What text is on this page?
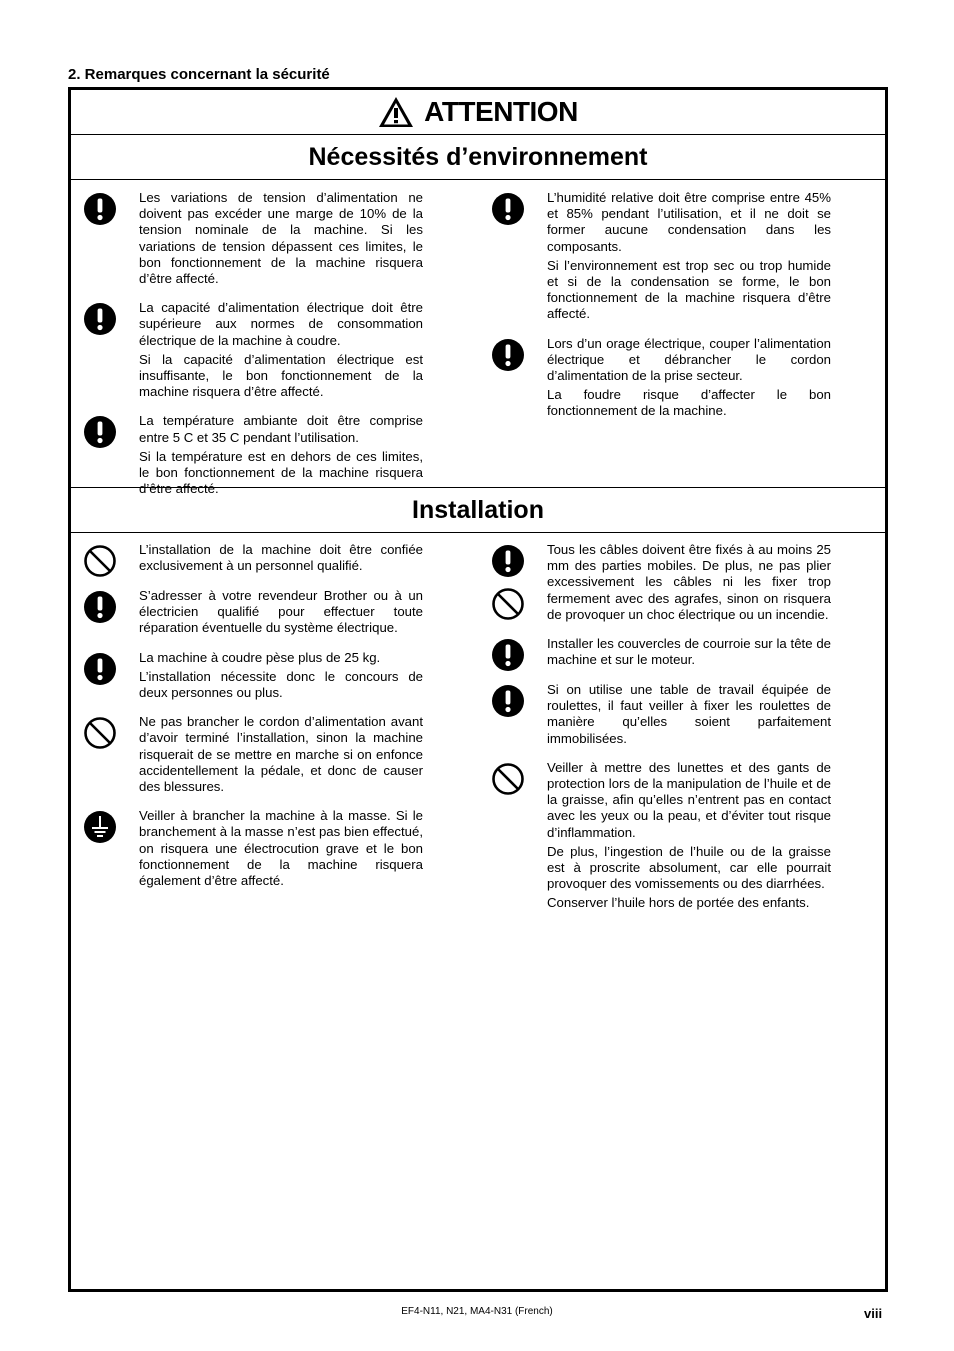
2. Remarques concernant la sécurité
ATTENTION
Nécessités d’environnement

Les variations de tension d’alimentation ne doivent pas excéder une marge de 10% de la tension nominale de la machine. Si les variations de tension dépassent ces limites, le bon fonctionnement de la machine risquera d’être affecté.

La capacité d’alimentation électrique doit être supérieure aux normes de consommation électrique de la machine à coudre.

Si la capacité d’alimentation électrique est insuffisante, le bon fonctionnement de la machine risquera d’être affecté.

La température ambiante doit être comprise entre 5 C et 35 C pendant l’utilisation.

Si la température est en dehors de ces limites, le bon fonctionnement de la machine risquera d’être affecté.

L’humidité relative doit être comprise entre 45% et 85% pendant l’utilisation, et il ne doit se former aucune condensation dans les composants.

Si l’environnement est trop sec ou trop humide et si de la condensation se forme, le bon fonctionnement de la machine risquera d’être affecté.

Lors d’un orage électrique, couper l’alimentation électrique et débrancher le cordon d’alimentation de la prise secteur.

La foudre risque d’affecter le bon fonctionnement de la machine.

Installation

L’installation de la machine doit être confiée exclusivement à un personnel qualifié.

S’adresser à votre revendeur Brother ou à un électricien qualifié pour effectuer toute réparation éventuelle du système électrique.

La machine à coudre pèse plus de 25 kg.

L’installation nécessite donc le concours de deux personnes ou plus.

Ne pas brancher le cordon d’alimentation avant d’avoir terminé l’installation, sinon la machine risquerait de se mettre en marche si on enfonce accidentellement la pédale, et donc de causer des blessures.

Veiller à brancher la machine à la masse. Si le branchement à la masse n’est pas bien effectué, on risquera une électrocution grave et le bon fonctionnement de la machine risquera également d’être affecté.

Tous les câbles doivent être fixés à au moins 25 mm des parties mobiles. De plus, ne pas plier excessivement les câbles ni les fixer trop fermement avec des agrafes, sinon on risquera de provoquer un choc électrique ou un incendie.

Installer les couvercles de courroie sur la tête de machine et sur le moteur.

Si on utilise une table de travail équipée de roulettes, il faut veiller à fixer les roulettes de manière qu’elles soient parfaitement immobilisées.

Veiller à mettre des lunettes et des gants de protection lors de la manipulation de l’huile et de la graisse, afin qu’elles n’entrent pas en contact avec les yeux ou la peau, et d’éviter tout risque d’inflammation.

De plus, l’ingestion de l’huile ou de la graisse est à proscrite absolument, car elle pourrait provoquer des vomissements ou des diarrhées.

Conserver l’huile hors de portée des enfants.

EF4-N11, N21, MA4-N31 (French)	viii
